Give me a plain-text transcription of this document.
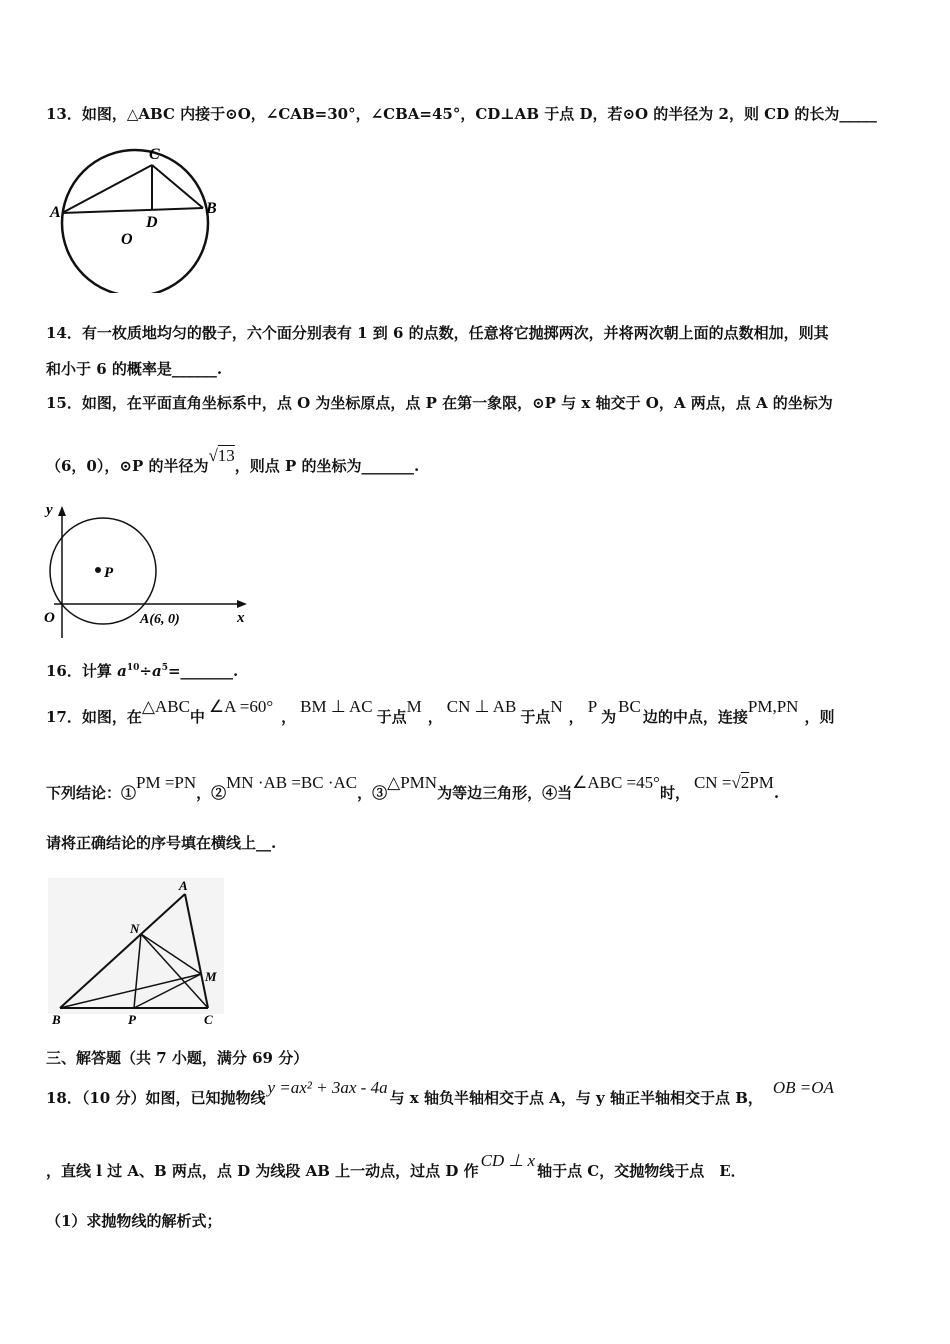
13．如图，△ABC 内接于⊙O，∠CAB=30°，∠CBA=45°，CD⊥AB 于点 D，若⊙O 的半径为 2，则 CD 的长为_____
C
A	B
D
O
14．有一枚质地均匀的骰子，六个面分别表有 1 到 6 的点数，任意将它抛掷两次，并将两次朝上面的点数相加，则其
和小于 6 的概率是______.
15．如图，在平面直角坐标系中，点 O 为坐标原点，点 P 在第一象限，⊙P 与 x 轴交于 O，A 两点，点 A 的坐标为
（6，0），⊙P 的半径为√13，则点 P 的坐标为_______.
y
x
O
P
A(6, 0)
16．计算 $a^{10}\div a^5=\_\_\_\_\_\_\_$.
17．如图，在△ABC中∠A =60°，BM ⊥ AC于点M，CN ⊥ AB于点N，P为BC边的中点，连接PM,PN，则
下列结论：①PM =PN，②MN ·AB =BC ·AC，③△PMN为等边三角形，④当∠ABC =45°时，CN =√2PM.
请将正确结论的序号填在横线上__.
A
N
M
B	P	C
三、解答题（共 7 小题，满分 69 分）
18．（10 分）如图，已知抛物线y =ax² + 3ax - 4a与 x 轴负半轴相交于点 A，与 y 轴正半轴相交于点 B，OB =OA
，直线 l 过 A、B 两点，点 D 为线段 AB 上一动点，过点 D 作CD ⊥ x轴于点 C，交抛物线于点　E．
（1）求抛物线的解析式；
